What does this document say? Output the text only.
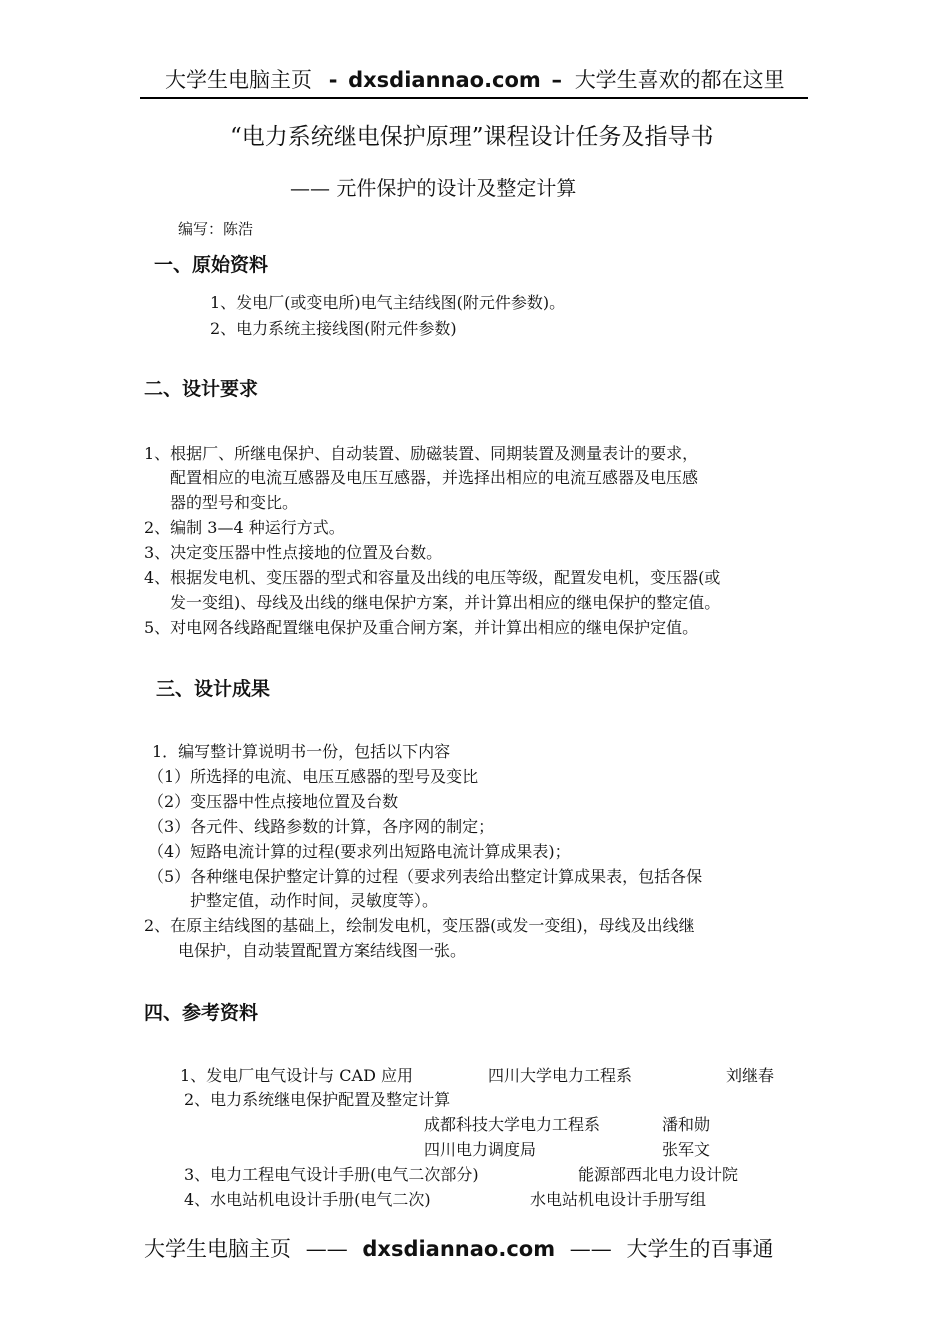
大学生电脑主页 - dxsdiannao.com – 大学生喜欢的都在这里
“电力系统继电保护原理”课程设计任务及指导书
—— 元件保护的设计及整定计算
编写：陈浩
一、原始资料
1、发电厂(或变电所)电气主结线图(附元件参数)。
2、电力系统主接线图(附元件参数)
二、设计要求
1、根据厂、所继电保护、自动装置、励磁装置、同期装置及测量表计的要求，
配置相应的电流互感器及电压互感器，并选择出相应的电流互感器及电压感
器的型号和变比。
2、编制 3—4 种运行方式。
3、决定变压器中性点接地的位置及台数。
4、根据发电机、变压器的型式和容量及出线的电压等级，配置发电机，变压器(或
发一变组)、母线及出线的继电保护方案，并计算出相应的继电保护的整定值。
5、对电网各线路配置继电保护及重合闸方案，并计算出相应的继电保护定值。
三、设计成果
1．编写整计算说明书一份，包括以下内容
（1）所选择的电流、电压互感器的型号及变比
（2）变压器中性点接地位置及台数
（3）各元件、线路参数的计算，各序网的制定；
（4）短路电流计算的过程(要求列出短路电流计算成果表)；
（5）各种继电保护整定计算的过程（要求列表给出整定计算成果表，包括各保
护整定值，动作时间，灵敏度等）。
2、在原主结线图的基础上，绘制发电机，变压器(或发一变组)，母线及出线继
电保护，自动装置配置方案结线图一张。
四、参考资料
1、发电厂电气设计与 CAD 应用	四川大学电力工程系	刘继春
2、电力系统继电保护配置及整定计算
成都科技大学电力工程系	潘和勋
四川电力调度局	张军文
3、电力工程电气设计手册(电气二次部分)	能源部西北电力设计院
4、水电站机电设计手册(电气二次)	水电站机电设计手册写组
大学生电脑主页 —— dxsdiannao.com —— 大学生的百事通
